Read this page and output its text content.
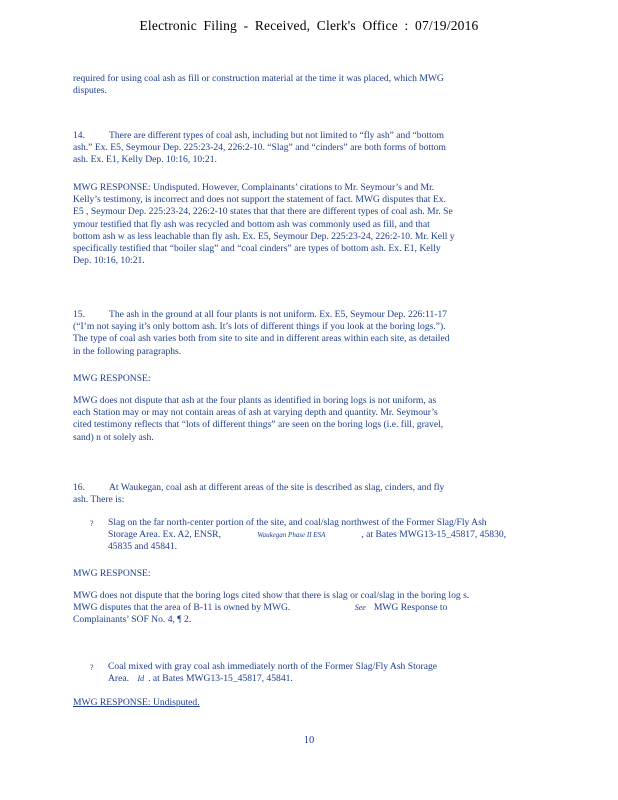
Electronic Filing - Received, Clerk's Office : 07/19/2016
required for using coal ash as fill or construction material at the time it was placed, which MWG disputes.
14.	There are different types of coal ash, including but not limited to “fly ash” and “bottom ash.” Ex. E5, Seymour Dep. 225:23-24, 226:2-10. “Slag” and “cinders” are both forms of bottom ash. Ex. E1, Kelly Dep. 10:16, 10:21.
MWG RESPONSE: Undisputed. However, Complainants’ citations to Mr. Seymour’s and Mr. Kelly’s testimony, is incorrect and does not support the statement of fact. MWG disputes that Ex. E5 , Seymour Dep. 225:23-24, 226:2-10 states that that there are different types of coal ash. Mr. Se ymour testified that fly ash was recycled and bottom ash was commonly used as fill, and that bottom ash w as less leachable than fly ash. Ex. E5, Seymour Dep. 225:23-24, 226:2-10. Mr. Kell y specifically testified that “boiler slag” and “coal cinders” are types of bottom ash. Ex. E1, Kelly Dep. 10:16, 10:21.
15.	The ash in the ground at all four plants is not uniform. Ex. E5, Seymour Dep. 226:11-17 (“I’m not saying it’s only bottom ash. It’s lots of different things if you look at the boring logs.”). The type of coal ash varies both from site to site and in different areas within each site, as detailed in the following paragraphs.
MWG RESPONSE:
MWG does not dispute that ash at the four plants as identified in boring logs is not uniform, as each Station may or may not contain areas of ash at varying depth and quantity. Mr. Seymour’s cited testimony reflects that “lots of different things” are seen on the boring logs (i.e. fill, gravel, sand) n ot solely ash.
16.	At Waukegan, coal ash at different areas of the site is described as slag, cinders, and fly ash. There is:
? Slag on the far north-center portion of the site, and coal/slag northwest of the Former Slag/Fly Ash Storage Area. Ex. A2, ENSR,	Waukegan Phase II ESA	, at Bates MWG13-15_45817, 45830, 45835 and 45841.
MWG RESPONSE:
MWG does not dispute that the boring logs cited show that there is slag or coal/slag in the boring log s. MWG disputes that the area of B-11 is owned by MWG.	See MWG Response to Complainants’ SOF No. 4, ¶ 2.
? Coal mixed with gray coal ash immediately north of the Former Slag/Fly Ash Storage Area. Id . at Bates MWG13-15_45817, 45841.
MWG RESPONSE: Undisputed.
10
